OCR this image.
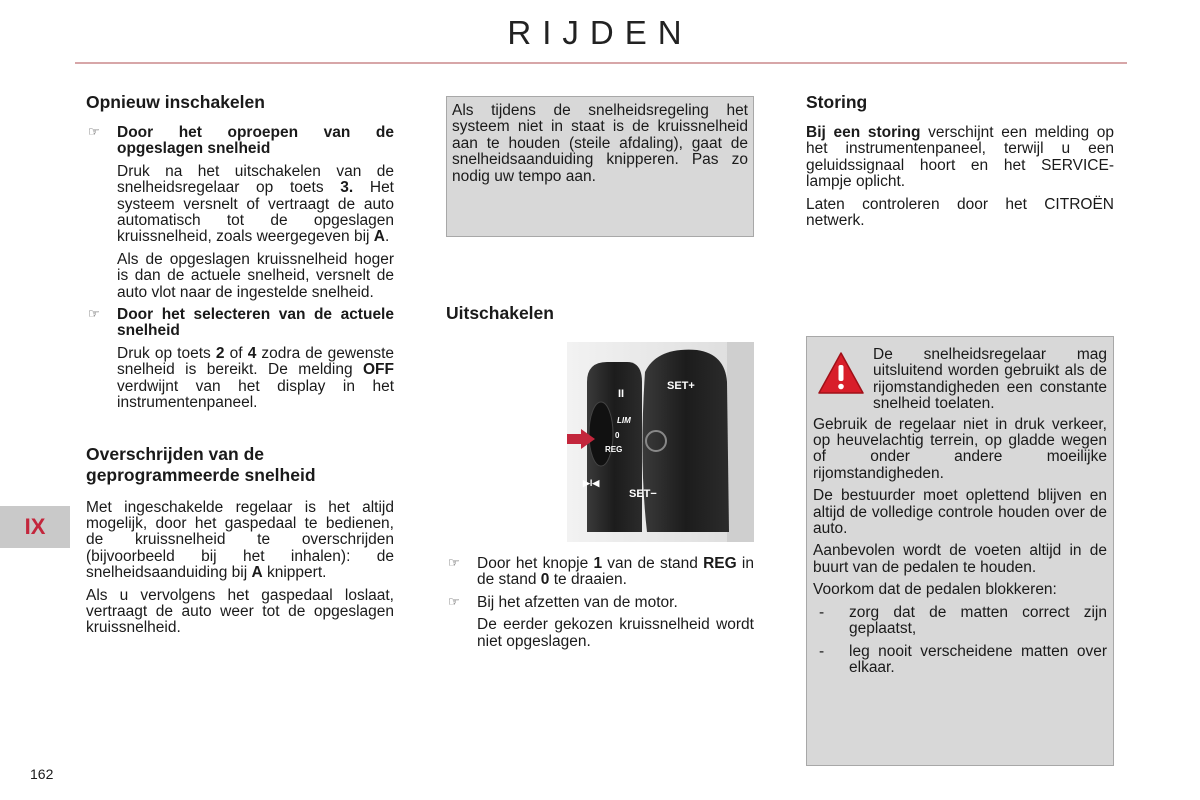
RIJDEN
IX
162
Opnieuw inschakelen
☞ Door het oproepen van de opgeslagen snelheid

Druk na het uitschakelen van de snelheidsregelaar op toets 3. Het systeem versnelt of vertraagt de auto automatisch tot de opgeslagen kruissnelheid, zoals weergegeven bij A.

Als de opgeslagen kruissnelheid hoger is dan de actuele snelheid, versnelt de auto vlot naar de ingestelde snelheid.

☞ Door het selecteren van de actuele snelheid

Druk op toets 2 of 4 zodra de gewenste snelheid is bereikt. De melding OFF verdwijnt van het display in het instrumentenpaneel.

Overschrijden van de geprogrammeerde snelheid

Met ingeschakelde regelaar is het altijd mogelijk, door het gaspedaal te bedienen, de kruissnelheid te overschrijden (bijvoorbeeld bij het inhalen): de snelheidsaanduiding bij A knippert.

Als u vervolgens het gaspedaal loslaat, vertraagt de auto weer tot de opgeslagen kruissnelheid.

Als tijdens de snelheidsregeling het systeem niet in staat is de kruissnelheid aan te houden (steile afdaling), gaat de snelheidsaanduiding knipperen. Pas zo nodig uw tempo aan.

Uitschakelen
II
LIM
0
REG
SET+
SET−
▶I◀
☞ Door het knopje 1 van de stand REG in de stand 0 te draaien.
☞ Bij het afzetten van de motor.

De eerder gekozen kruissnelheid wordt niet opgeslagen.

Storing

Bij een storing verschijnt een melding op het instrumentenpaneel, terwijl u een geluidssignaal hoort en het SERVICE-lampje oplicht.

Laten controleren door het CITROËN netwerk.

De snelheidsregelaar mag uitsluitend worden gebruikt als de rijomstandigheden een constante snelheid toelaten.

Gebruik de regelaar niet in druk verkeer, op heuvelachtig terrein, op gladde wegen of onder andere moeilijke rijomstandigheden.

De bestuurder moet oplettend blijven en altijd de volledige controle houden over de auto.

Aanbevolen wordt de voeten altijd in de buurt van de pedalen te houden.

Voorkom dat de pedalen blokkeren:

- zorg dat de matten correct zijn geplaatst,
- leg nooit verscheidene matten over elkaar.
